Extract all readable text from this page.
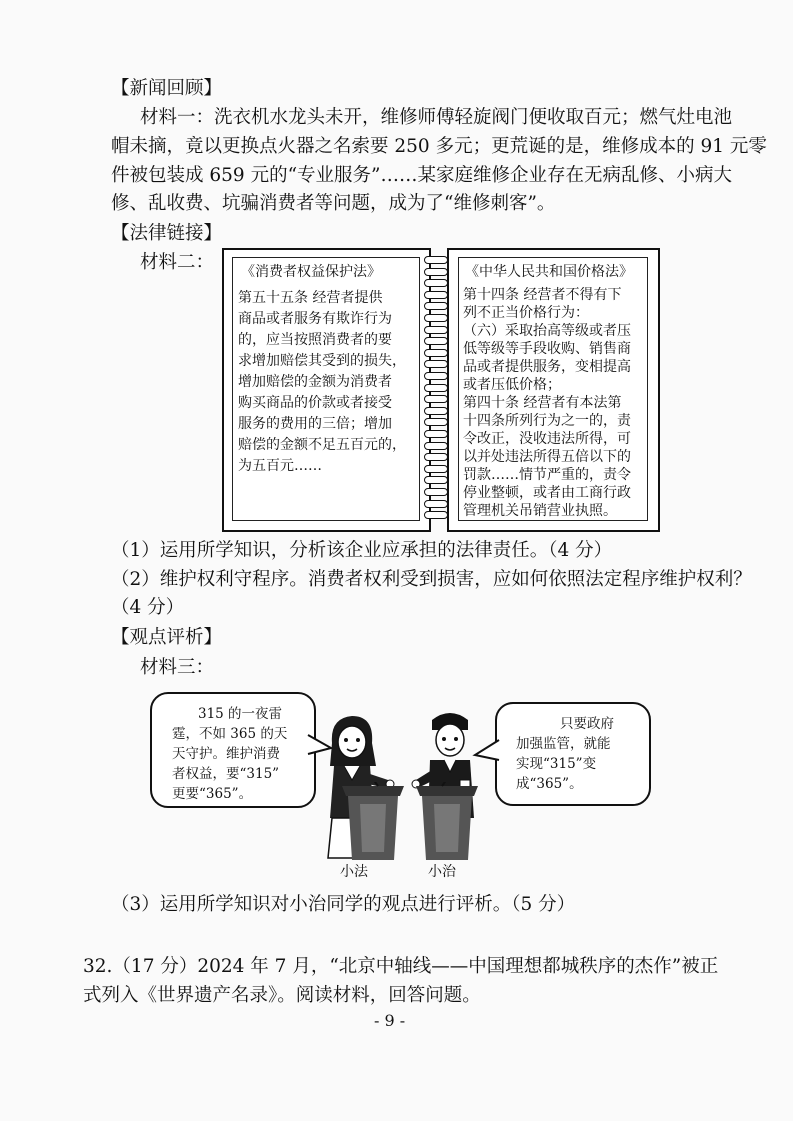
【新闻回顾】
材料一：洗衣机水龙头未开，维修师傅轻旋阀门便收取百元；燃气灶电池
帽未摘，竟以更换点火器之名索要 250 多元；更荒诞的是，维修成本的 91 元零
件被包装成 659 元的“专业服务”……某家庭维修企业存在无病乱修、小病大
修、乱收费、坑骗消费者等问题，成为了“维修刺客”。
【法律链接】
材料二： 《消费者权益保护法》
第五十五条 经营者提供
商品或者服务有欺诈行为
的，应当按照消费者的要
求增加赔偿其受到的损失，
增加赔偿的金额为消费者
购买商品的价款或者接受
服务的费用的三倍；增加
赔偿的金额不足五百元的，
为五百元……
《中华人民共和国价格法》
第十四条 经营者不得有下
列不正当价格行为：
（六）采取抬高等级或者压
低等级等手段收购、销售商
品或者提供服务，变相提高
或者压低价格；
第四十条 经营者有本法第
十四条所列行为之一的，责
令改正，没收违法所得，可
以并处违法所得五倍以下的
罚款……情节严重的，责令
停业整顿，或者由工商行政
管理机关吊销营业执照。
（1）运用所学知识，分析该企业应承担的法律责任。（4 分）
（2）维护权利守程序。消费者权利受到损害，应如何依照法定程序维护权利？
（4 分）
【观点评析】
材料三：
315 的一夜雷
霆，不如 365 的天
天守护。维护消费
者权益，要“315”
更要“365”。
只要政府
加强监管，就能
实现“315”变
成“365”。
小法	小治
（3）运用所学知识对小治同学的观点进行评析。（5 分）
32.（17 分）2024 年 7 月，“北京中轴线——中国理想都城秩序的杰作”被正
式列入《世界遗产名录》。阅读材料，回答问题。
- 9 -
